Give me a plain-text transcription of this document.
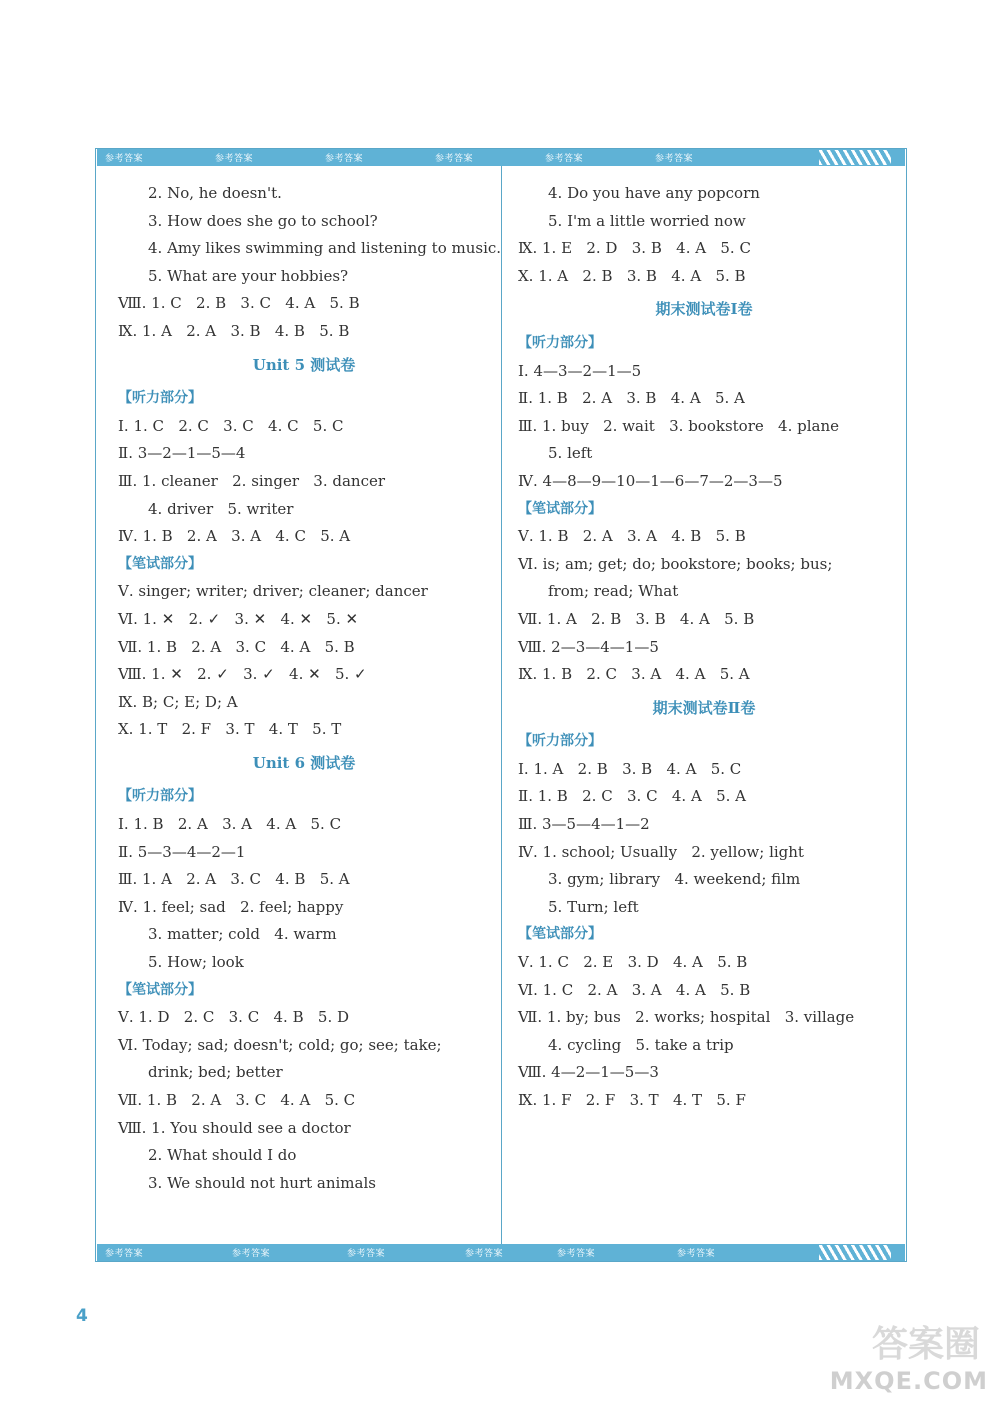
参考答案	参考答案	参考答案	参考答案	参考答案	参考答案
参考答案	参考答案	参考答案	参考答案	参考答案	参考答案
2. No, he doesn't.
3. How does she go to school?
4. Amy likes swimming and listening to music.
5. What are your hobbies?
Ⅷ. 1. C   2. B   3. C   4. A   5. B
Ⅸ. 1. A   2. A   3. B   4. B   5. B
Unit 5 测试卷
【听力部分】
Ⅰ. 1. C   2. C   3. C   4. C   5. C
Ⅱ. 3—2—1—5—4
Ⅲ. 1. cleaner   2. singer   3. dancer
4. driver   5. writer
Ⅳ. 1. B   2. A   3. A   4. C   5. A
【笔试部分】
Ⅴ. singer; writer; driver; cleaner; dancer
Ⅵ. 1. ✕   2. ✓   3. ✕   4. ✕   5. ✕
Ⅶ. 1. B   2. A   3. C   4. A   5. B
Ⅷ. 1. ✕   2. ✓   3. ✓   4. ✕   5. ✓
Ⅸ. B; C; E; D; A
Ⅹ. 1. T   2. F   3. T   4. T   5. T
Unit 6 测试卷
【听力部分】
Ⅰ. 1. B   2. A   3. A   4. A   5. C
Ⅱ. 5—3—4—2—1
Ⅲ. 1. A   2. A   3. C   4. B   5. A
Ⅳ. 1. feel; sad   2. feel; happy
3. matter; cold   4. warm
5. How; look
【笔试部分】
Ⅴ. 1. D   2. C   3. C   4. B   5. D
Ⅵ. Today; sad; doesn't; cold; go; see; take;
drink; bed; better
Ⅶ. 1. B   2. A   3. C   4. A   5. C
Ⅷ. 1. You should see a doctor
2. What should I do
3. We should not hurt animals
4. Do you have any popcorn
5. I'm a little worried now
Ⅸ. 1. E   2. D   3. B   4. A   5. C
Ⅹ. 1. A   2. B   3. B   4. A   5. B
期末测试卷Ⅰ卷
【听力部分】
Ⅰ. 4—3—2—1—5
Ⅱ. 1. B   2. A   3. B   4. A   5. A
Ⅲ. 1. buy   2. wait   3. bookstore   4. plane
5. left
Ⅳ. 4—8—9—10—1—6—7—2—3—5
【笔试部分】
Ⅴ. 1. B   2. A   3. A   4. B   5. B
Ⅵ. is; am; get; do; bookstore; books; bus;
from; read; What
Ⅶ. 1. A   2. B   3. B   4. A   5. B
Ⅷ. 2—3—4—1—5
Ⅸ. 1. B   2. C   3. A   4. A   5. A
期末测试卷Ⅱ卷
【听力部分】
Ⅰ. 1. A   2. B   3. B   4. A   5. C
Ⅱ. 1. B   2. C   3. C   4. A   5. A
Ⅲ. 3—5—4—1—2
Ⅳ. 1. school; Usually   2. yellow; light
3. gym; library   4. weekend; film
5. Turn; left
【笔试部分】
Ⅴ. 1. C   2. E   3. D   4. A   5. B
Ⅵ. 1. C   2. A   3. A   4. A   5. B
Ⅶ. 1. by; bus   2. works; hospital   3. village
4. cycling   5. take a trip
Ⅷ. 4—2—1—5—3
Ⅸ. 1. F   2. F   3. T   4. T   5. F
4
答案圈
MXQE.COM
